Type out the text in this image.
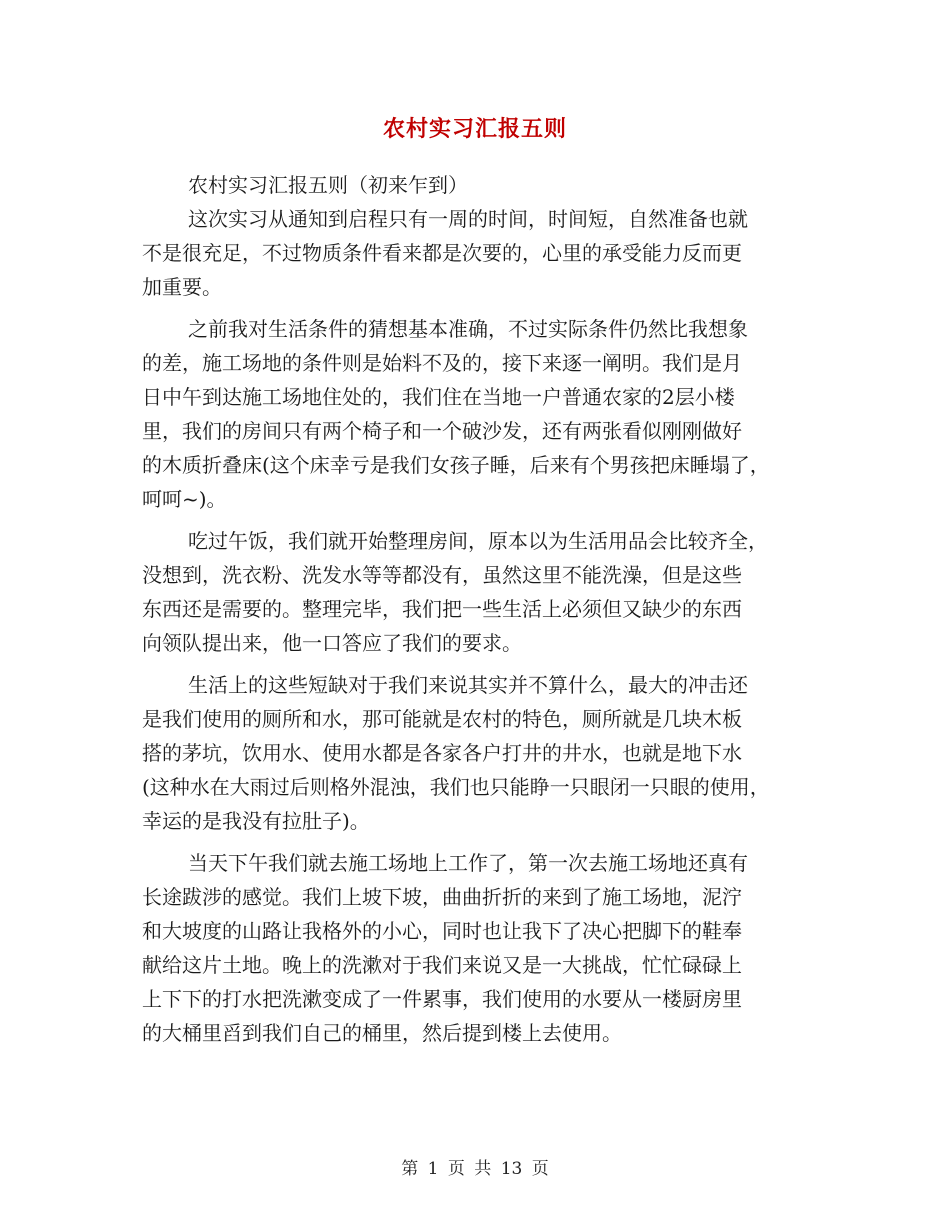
农村实习汇报五则
农村实习汇报五则（初来乍到）
这次实习从通知到启程只有一周的时间，时间短，自然准备也就
不是很充足，不过物质条件看来都是次要的，心里的承受能力反而更
加重要。
之前我对生活条件的猜想基本准确，不过实际条件仍然比我想象
的差，施工场地的条件则是始料不及的，接下来逐一阐明。我们是月
日中午到达施工场地住处的，我们住在当地一户普通农家的2层小楼
里，我们的房间只有两个椅子和一个破沙发，还有两张看似刚刚做好
的木质折叠床(这个床幸亏是我们女孩子睡，后来有个男孩把床睡塌了，
呵呵~)。
吃过午饭，我们就开始整理房间，原本以为生活用品会比较齐全，
没想到，洗衣粉、洗发水等等都没有，虽然这里不能洗澡，但是这些
东西还是需要的。整理完毕，我们把一些生活上必须但又缺少的东西
向领队提出来，他一口答应了我们的要求。
生活上的这些短缺对于我们来说其实并不算什么，最大的冲击还
是我们使用的厕所和水，那可能就是农村的特色，厕所就是几块木板
搭的茅坑，饮用水、使用水都是各家各户打井的井水，也就是地下水
(这种水在大雨过后则格外混浊，我们也只能睁一只眼闭一只眼的使用，
幸运的是我没有拉肚子)。
当天下午我们就去施工场地上工作了，第一次去施工场地还真有
长途跋涉的感觉。我们上坡下坡，曲曲折折的来到了施工场地，泥泞
和大坡度的山路让我格外的小心，同时也让我下了决心把脚下的鞋奉
献给这片土地。晚上的洗漱对于我们来说又是一大挑战，忙忙碌碌上
上下下的打水把洗漱变成了一件累事，我们使用的水要从一楼厨房里
的大桶里舀到我们自己的桶里，然后提到楼上去使用。
第 1 页 共 13 页
